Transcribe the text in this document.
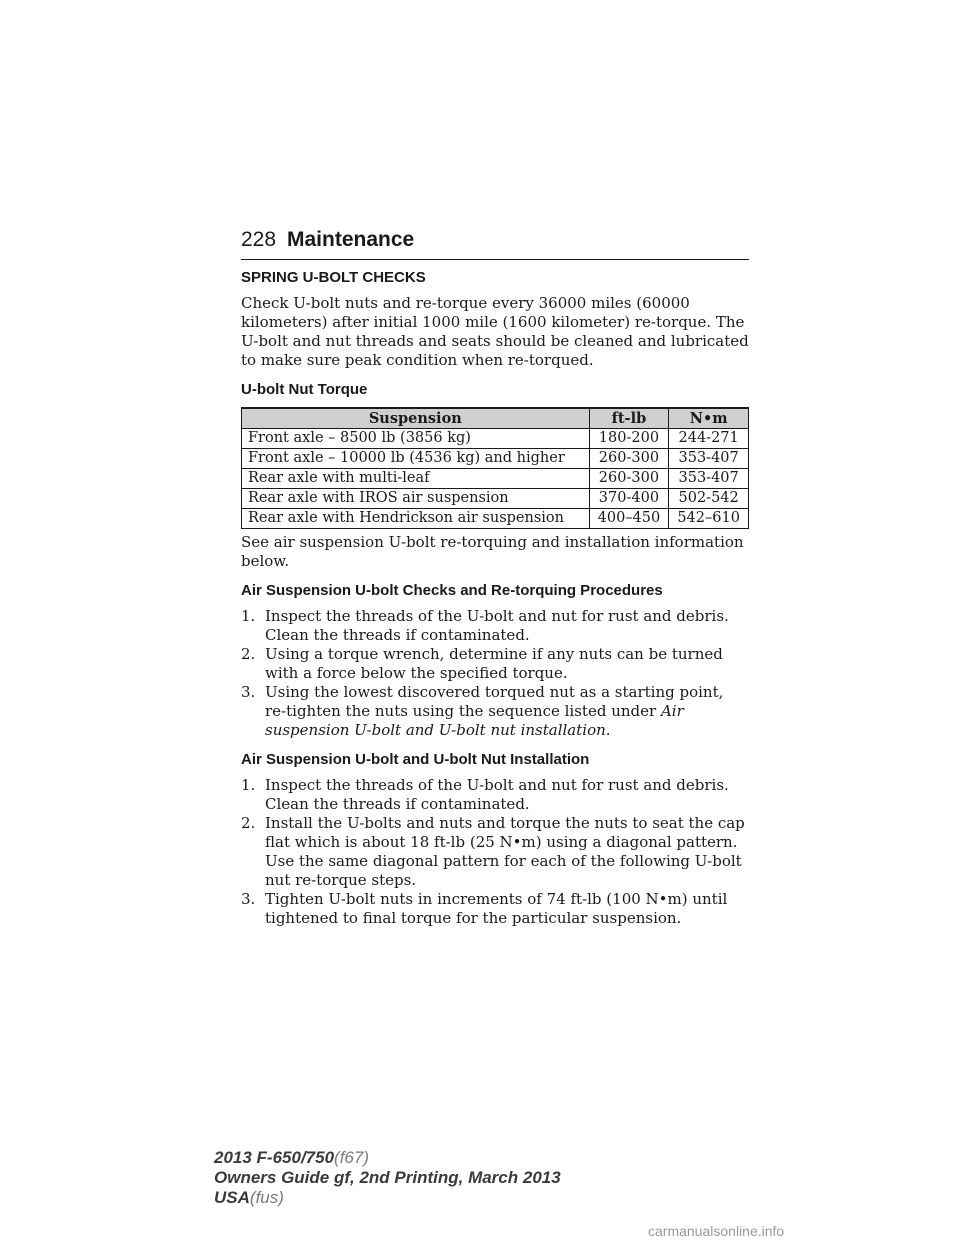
228 Maintenance
SPRING U-BOLT CHECKS

Check U-bolt nuts and re-torque every 36000 miles (60000 kilometers) after initial 1000 mile (1600 kilometer) re-torque. The U-bolt and nut threads and seats should be cleaned and lubricated to make sure peak condition when re-torqued.

U-bolt Nut Torque
Suspension	ft-lb	N•m
Front axle – 8500 lb (3856 kg)	180-200	244-271
Front axle – 10000 lb (4536 kg) and higher	260-300	353-407
Rear axle with multi-leaf	260-300	353-407
Rear axle with IROS air suspension	370-400	502-542
Rear axle with Hendrickson air suspension	400–450	542–610

See air suspension U-bolt re-torquing and installation information below.

Air Suspension U-bolt Checks and Re-torquing Procedures
1. Inspect the threads of the U-bolt and nut for rust and debris. Clean the threads if contaminated.
2. Using a torque wrench, determine if any nuts can be turned with a force below the specified torque.
3. Using the lowest discovered torqued nut as a starting point, re-tighten the nuts using the sequence listed under Air suspension U-bolt and U-bolt nut installation.
Air Suspension U-bolt and U-bolt Nut Installation
1. Inspect the threads of the U-bolt and nut for rust and debris. Clean the threads if contaminated.
2. Install the U-bolts and nuts and torque the nuts to seat the cap flat which is about 18 ft-lb (25 N•m) using a diagonal pattern. Use the same diagonal pattern for each of the following U-bolt nut re-torque steps.
3. Tighten U-bolt nuts in increments of 74 ft-lb (100 N•m) until tightened to final torque for the particular suspension.
2013 F-650/750(f67)
Owners Guide gf, 2nd Printing, March 2013
USA(fus)
carmanualsonline.info
